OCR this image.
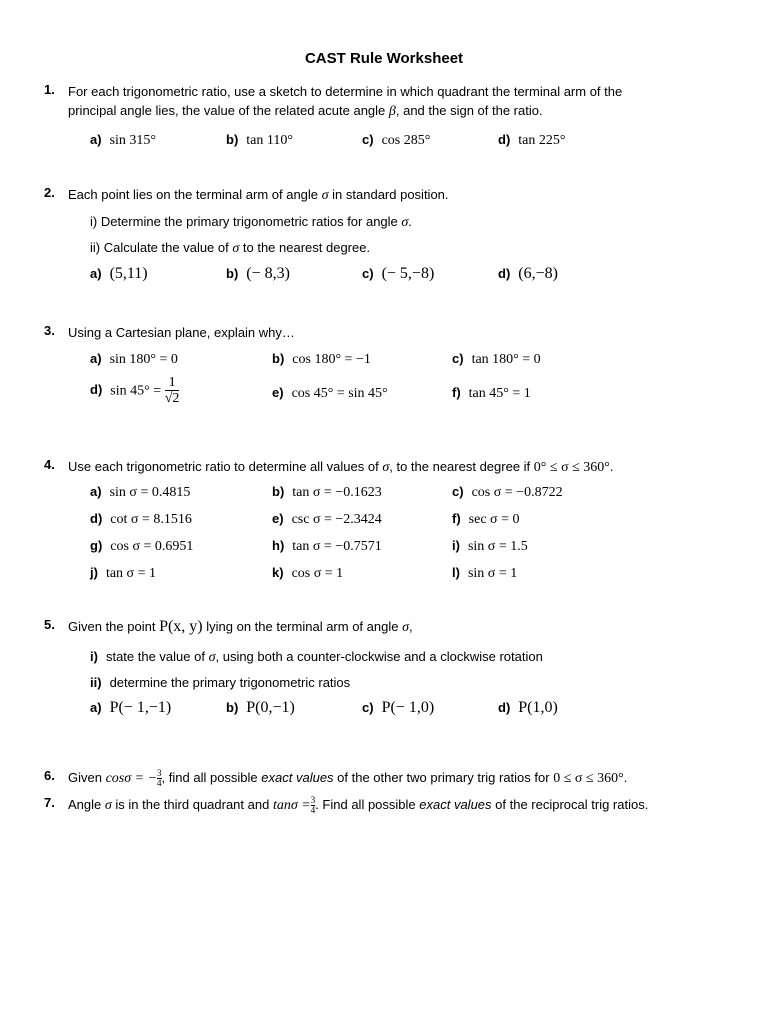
CAST Rule Worksheet
1. For each trigonometric ratio, use a sketch to determine in which quadrant the terminal arm of the
principal angle lies, the value of the related acute angle β, and the sign of the ratio.
a) sin 315°	b) tan 110°	c) cos 285°	d) tan 225°
2. Each point lies on the terminal arm of angle σ in standard position.
i) Determine the primary trigonometric ratios for angle σ.
ii) Calculate the value of σ to the nearest degree.
a) (5,11)	b) (− 8,3)	c) (− 5,−8)	d) (6,−8)
3. Using a Cartesian plane, explain why…
a) sin 180° = 0	b) cos 180° = −1	c) tan 180° = 0
d) $\sin 45^\circ = \frac{1}{√2}$	e) cos 45° = sin 45°	f) tan 45° = 1
4. Use each trigonometric ratio to determine all values of σ, to the nearest degree if 0° ≤ σ ≤ 360°.
a) sin σ = 0.4815	b) tan σ = −0.1623	c) cos σ = −0.8722
d) cot σ = 8.1516	e) csc σ = −2.3424	f) sec σ = 0
g) cos σ = 0.6951	h) tan σ = −0.7571	i) sin σ = 1.5
j) tan σ = 1	k) cos σ = 1	l) sin σ = 1
5. Given the point P(x, y) lying on the terminal arm of angle σ,
i) state the value of σ, using both a counter-clockwise and a clockwise rotation
ii) determine the primary trigonometric ratios
a) P(− 1,−1)	b) P(0,−1)	c) P(− 1,0)	d) P(1,0)
6. Given cosσ = − $\frac{3}{4}$, find all possible exact values of the other two primary trig ratios for 0 ≤ σ ≤ 360°.
7. Angle σ is in the third quadrant and $\tan\sigma = \frac{3}{4}$. Find all possible exact values of the reciprocal trig ratios.
